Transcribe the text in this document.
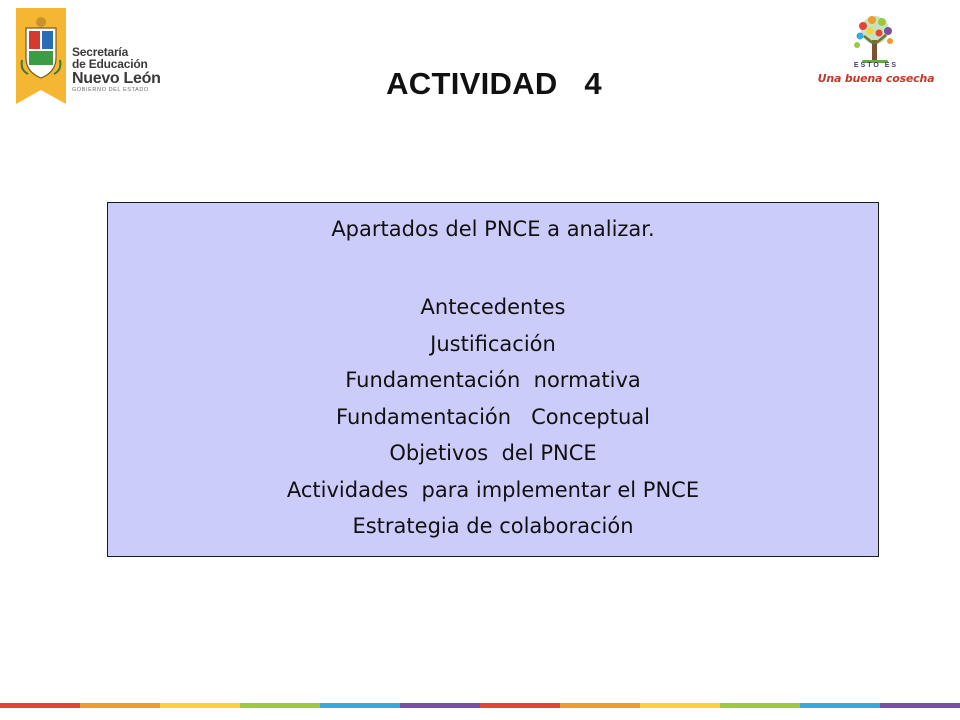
Secretaría
de Educación
Nuevo León
GOBIERNO DEL ESTADO
ESTO ES
Una buena cosecha
ACTIVIDAD   4
Apartados del PNCE a analizar.
Antecedentes
Justificación
Fundamentación  normativa
Fundamentación   Conceptual
Objetivos  del PNCE
Actividades  para implementar el PNCE
Estrategia de colaboración
